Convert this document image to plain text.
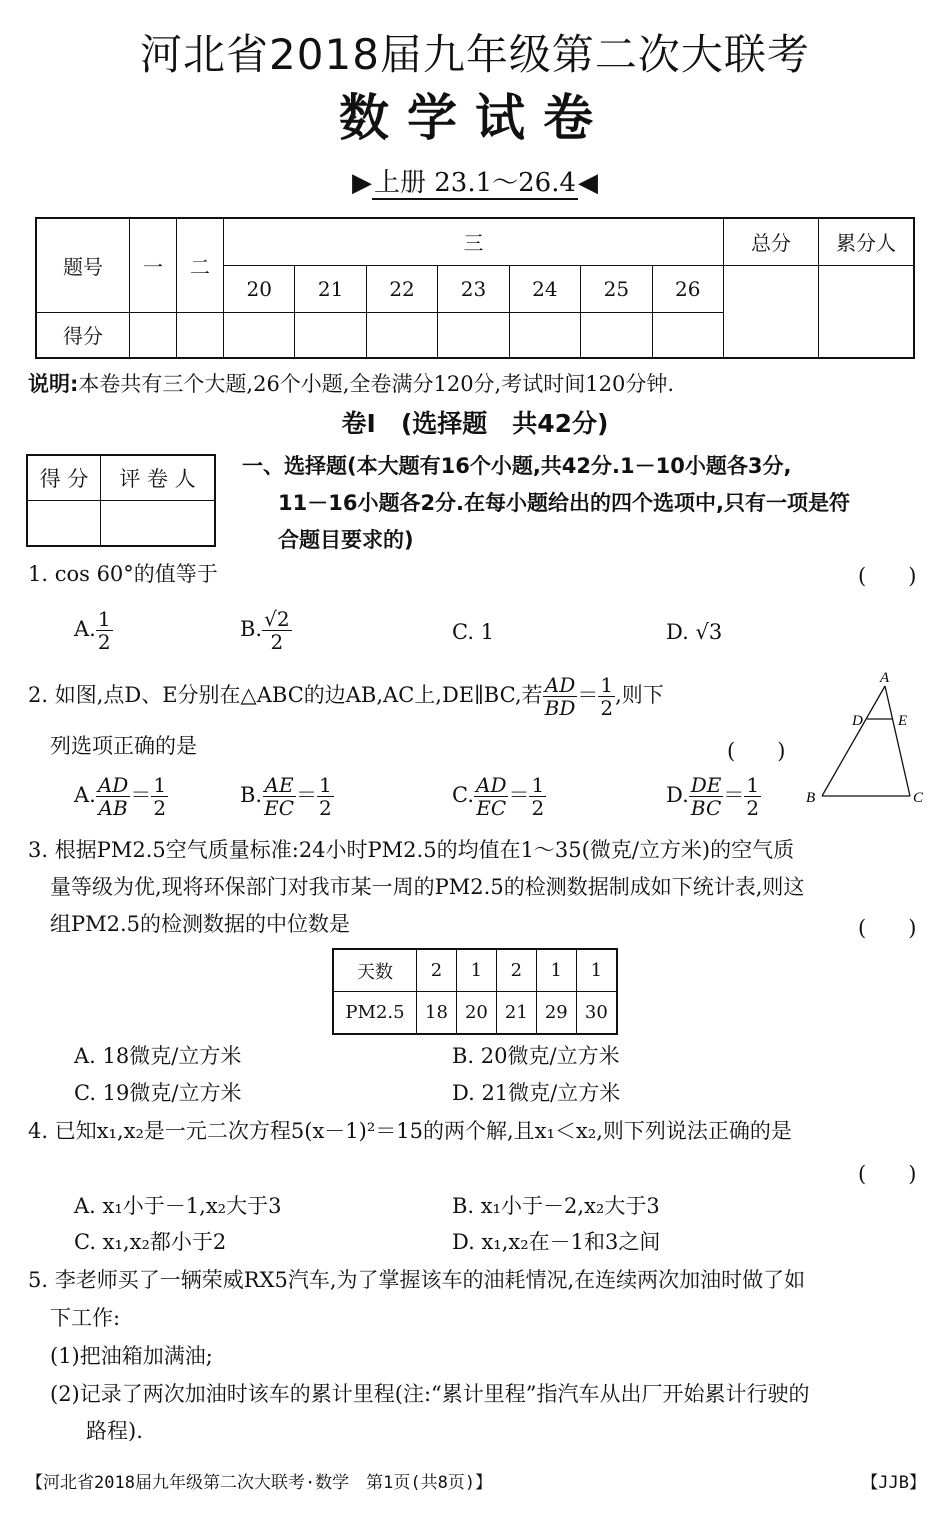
河北省2018届九年级第二次大联考
数学试卷
▶上册 23.1～26.4◀
题号	一	二	三							总分	累分人
			20	21	22	23	24	25	26		
得分											
说明:本卷共有三个大题,26个小题,全卷满分120分,考试时间120分钟.
卷Ⅰ　(选择题　共42分)
得 分	评 卷 人

一、选择题(本大题有16个小题,共42分.1－10小题各3分,
11－16小题各2分.在每小题给出的四个选项中,只有一项是符
合题目要求的)
1. cos 60°的值等于	(　　)
A. $\frac{1}{2}$	B. $\frac{√2}{2}$	C. 1	D. √3
2. 如图,点D、E分别在△ABC的边AB,AC上,DE∥BC,若 $\frac{AD}{BD} = \frac{1}{2}$ ,则下
列选项正确的是	(　　)
A. $\frac{AD}{AB} = \frac{1}{2}$	B. $\frac{AE}{EC} = \frac{1}{2}$	C. $\frac{AD}{EC} = \frac{1}{2}$	D. $\frac{DE}{BC} = \frac{1}{2}$
A
D E
B	C
3. 根据PM2.5空气质量标准:24小时PM2.5的均值在1～35(微克/立方米)的空气质
量等级为优,现将环保部门对我市某一周的PM2.5的检测数据制成如下统计表,则这
组PM2.5的检测数据的中位数是	(　　)
天数	2	1	2	1	1
PM2.5	18	20	21	29	30
A. 18微克/立方米	B. 20微克/立方米
C. 19微克/立方米	D. 21微克/立方米
4. 已知x₁,x₂是一元二次方程5(x－1)²＝15的两个解,且x₁＜x₂,则下列说法正确的是
(　　)
A. x₁小于－1,x₂大于3	B. x₁小于－2,x₂大于3
C. x₁,x₂都小于2	D. x₁,x₂在－1和3之间
5. 李老师买了一辆荣威RX5汽车,为了掌握该车的油耗情况,在连续两次加油时做了如
下工作:
(1)把油箱加满油;
(2)记录了两次加油时该车的累计里程(注:“累计里程”指汽车从出厂开始累计行驶的
路程).
【河北省2018届九年级第二次大联考·数学　第1页(共8页)】	【JJB】
